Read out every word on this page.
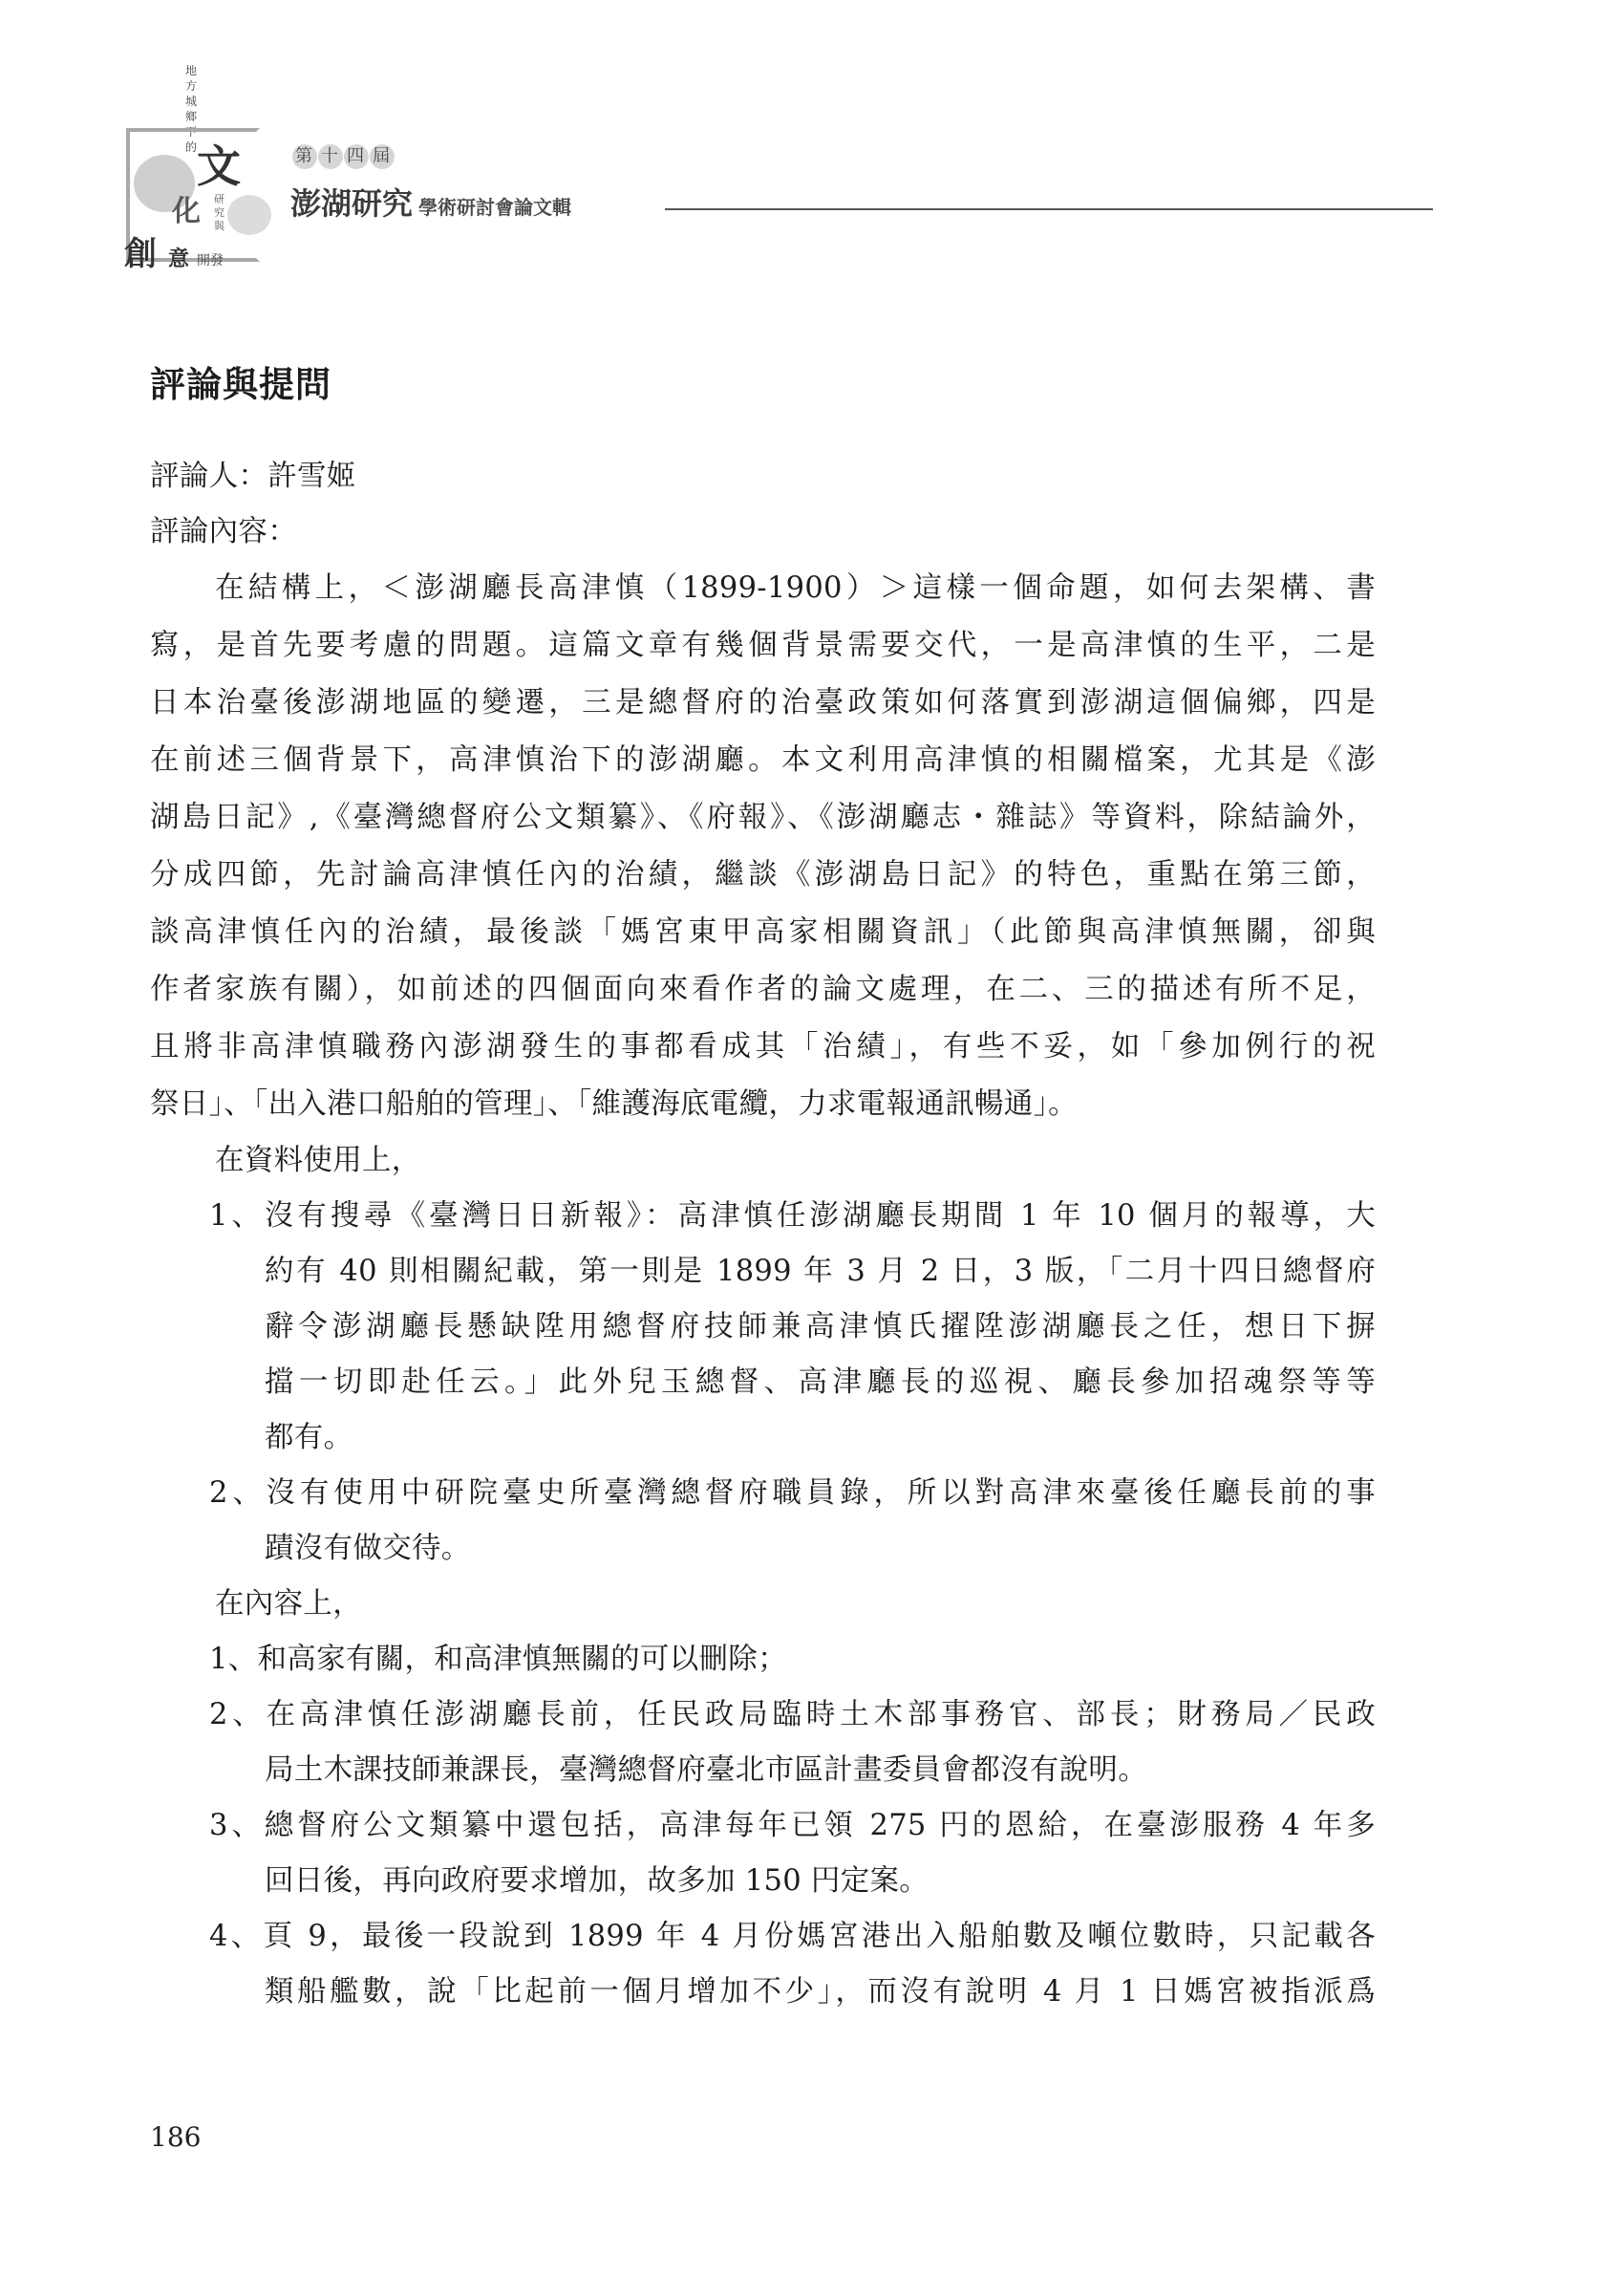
地方城鄉下的 文
化 研究與
創 意 開發
第 十 四 屆
澎湖研究 學術研討會論文輯
評論與提問
評論人：許雪姬
評論內容：
在結構上，＜澎湖廳長高津慎（1899-1900）＞這樣一個命題，如何去架構、書
寫，是首先要考慮的問題。這篇文章有幾個背景需要交代，一是高津慎的生平，二是
日本治臺後澎湖地區的變遷，三是總督府的治臺政策如何落實到澎湖這個偏鄉，四是
在前述三個背景下，高津慎治下的澎湖廳。本文利用高津慎的相關檔案，尤其是《澎
湖島日記》,《臺灣總督府公文類纂》、《府報》、《澎湖廳志・雜誌》等資料，除結論外，
分成四節，先討論高津慎任內的治績，繼談《澎湖島日記》的特色，重點在第三節，
談高津慎任內的治績，最後談「媽宮東甲高家相關資訊」（此節與高津慎無關，卻與
作者家族有關），如前述的四個面向來看作者的論文處理，在二、三的描述有所不足，
且將非高津慎職務內澎湖發生的事都看成其「治績」，有些不妥，如「參加例行的祝
祭日」、「出入港口船舶的管理」、「維護海底電纜，力求電報通訊暢通」。
在資料使用上，
1、沒有搜尋《臺灣日日新報》：高津慎任澎湖廳長期間 1 年 10 個月的報導，大
約有 40 則相關紀載，第一則是 1899 年 3 月 2 日，3 版，「二月十四日總督府
辭令澎湖廳長懸缺陞用總督府技師兼高津慎氏擢陞澎湖廳長之任，想日下摒
擋一切即赴任云。」此外兒玉總督、高津廳長的巡視、廳長參加招魂祭等等
都有。
2、沒有使用中研院臺史所臺灣總督府職員錄，所以對高津來臺後任廳長前的事
蹟沒有做交待。
在內容上，
1、和高家有關，和高津慎無關的可以刪除；
2、在高津慎任澎湖廳長前，任民政局臨時土木部事務官、部長；財務局／民政
局土木課技師兼課長，臺灣總督府臺北市區計畫委員會都沒有說明。
3、總督府公文類纂中還包括，高津每年已領 275 円的恩給，在臺澎服務 4 年多
回日後，再向政府要求增加，故多加 150 円定案。
4、頁 9，最後一段說到 1899 年 4 月份媽宮港出入船舶數及噸位數時，只記載各
類船艦數，說「比起前一個月增加不少」，而沒有說明 4 月 1 日媽宮被指派爲
186
